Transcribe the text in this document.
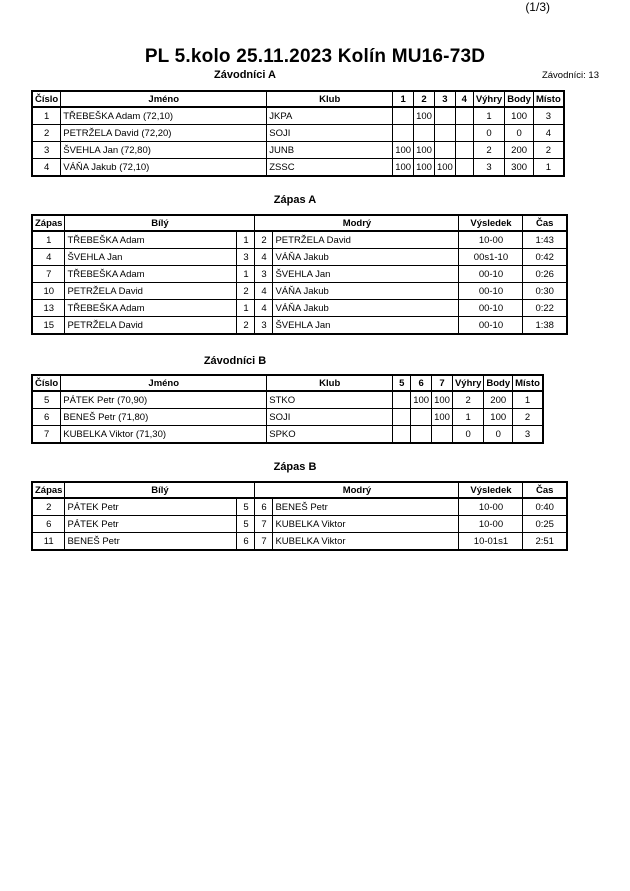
(1/3)
PL 5.kolo 25.11.2023 Kolín MU16-73D
Závodníci: 13
Závodníci A
Číslo	Jméno	Klub	1	2	3	4	Výhry	Body	Místo
1	TŘEBEŠKA Adam (72,10)	JKPA		100			1	100	3
2	PETRŽELA David (72,20)	SOJI					0	0	4
3	ŠVEHLA Jan (72,80)	JUNB	100	100			2	200	2
4	VÁŇA Jakub (72,10)	ZSSC	100	100	100		3	300	1
Zápas A
Zápas	Bílý		Modrý		Výsledek	Čas
1	TŘEBEŠKA Adam	1	2	PETRŽELA David	10-00	1:43
4	ŠVEHLA Jan	3	4	VÁŇA Jakub	00s1-10	0:42
7	TŘEBEŠKA Adam	1	3	ŠVEHLA Jan	00-10	0:26
10	PETRŽELA David	2	4	VÁŇA Jakub	00-10	0:30
13	TŘEBEŠKA Adam	1	4	VÁŇA Jakub	00-10	0:22
15	PETRŽELA David	2	3	ŠVEHLA Jan	00-10	1:38
Závodníci B
Číslo	Jméno	Klub	5	6	7	Výhry	Body	Místo
5	PÁTEK Petr (70,90)	STKO		100	100	2	200	1
6	BENEŠ Petr (71,80)	SOJI			100	1	100	2
7	KUBELKA Viktor (71,30)	SPKO				0	0	3
Zápas B
Zápas	Bílý		Modrý		Výsledek	Čas
2	PÁTEK Petr	5	6	BENEŠ Petr	10-00	0:40
6	PÁTEK Petr	5	7	KUBELKA Viktor	10-00	0:25
11	BENEŠ Petr	6	7	KUBELKA Viktor	10-01s1	2:51
